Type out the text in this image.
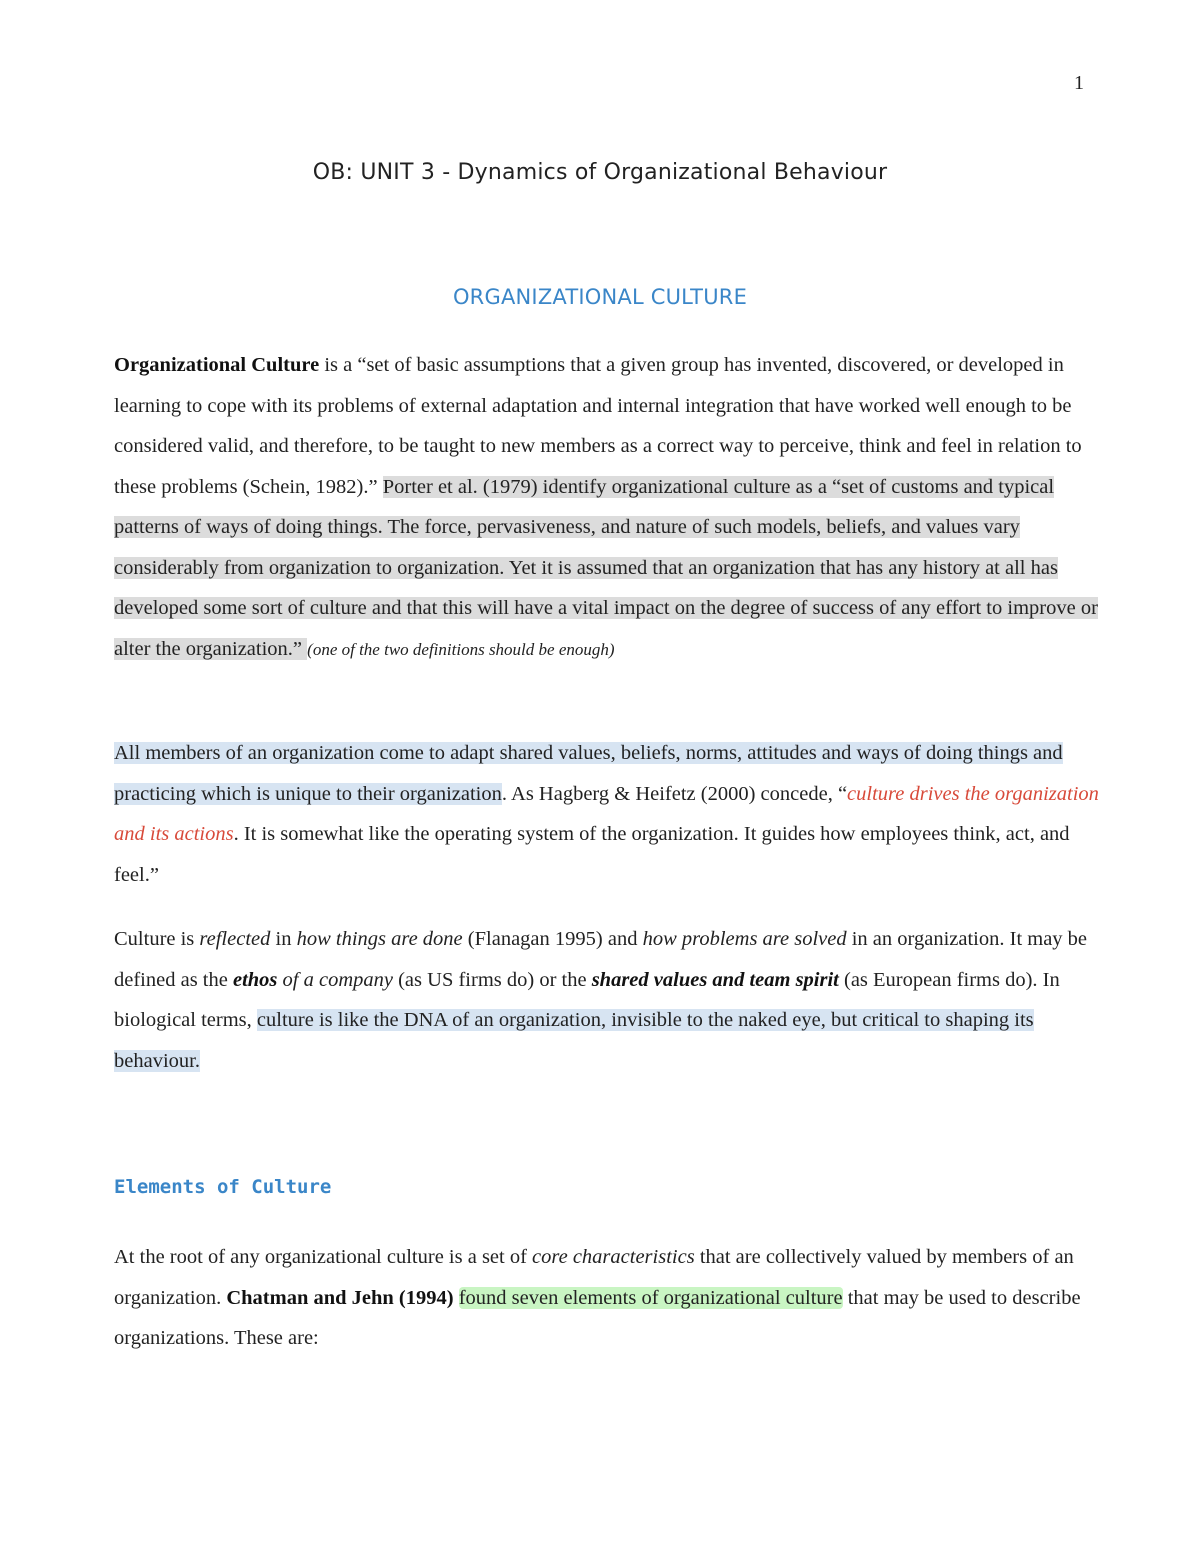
1
OB: UNIT 3 - Dynamics of Organizational Behaviour
ORGANIZATIONAL CULTURE

Organizational Culture is a “set of basic assumptions that a given group has invented, discovered, or developed in learning to cope with its problems of external adaptation and internal integration that have worked well enough to be considered valid, and therefore, to be taught to new members as a correct way to perceive, think and feel in relation to these problems (Schein, 1982).” Porter et al. (1979) identify organizational culture as a “set of customs and typical patterns of ways of doing things. The force, pervasiveness, and nature of such models, beliefs, and values vary considerably from organization to organization. Yet it is assumed that an organization that has any history at all has developed some sort of culture and that this will have a vital impact on the degree of success of any effort to improve or alter the organization.” (one of the two definitions should be enough)

All members of an organization come to adapt shared values, beliefs, norms, attitudes and ways of doing things and practicing which is unique to their organization. As Hagberg & Heifetz (2000) concede, “culture drives the organization and its actions. It is somewhat like the operating system of the organization. It guides how employees think, act, and feel.”

Culture is reflected in how things are done (Flanagan 1995) and how problems are solved in an organization. It may be defined as the ethos of a company (as US firms do) or the shared values and team spirit (as European firms do). In biological terms, culture is like the DNA of an organization, invisible to the naked eye, but critical to shaping its behaviour.

Elements of Culture

At the root of any organizational culture is a set of core characteristics that are collectively valued by members of an organization. Chatman and Jehn (1994) found seven elements of organizational culture that may be used to describe organizations. These are:
